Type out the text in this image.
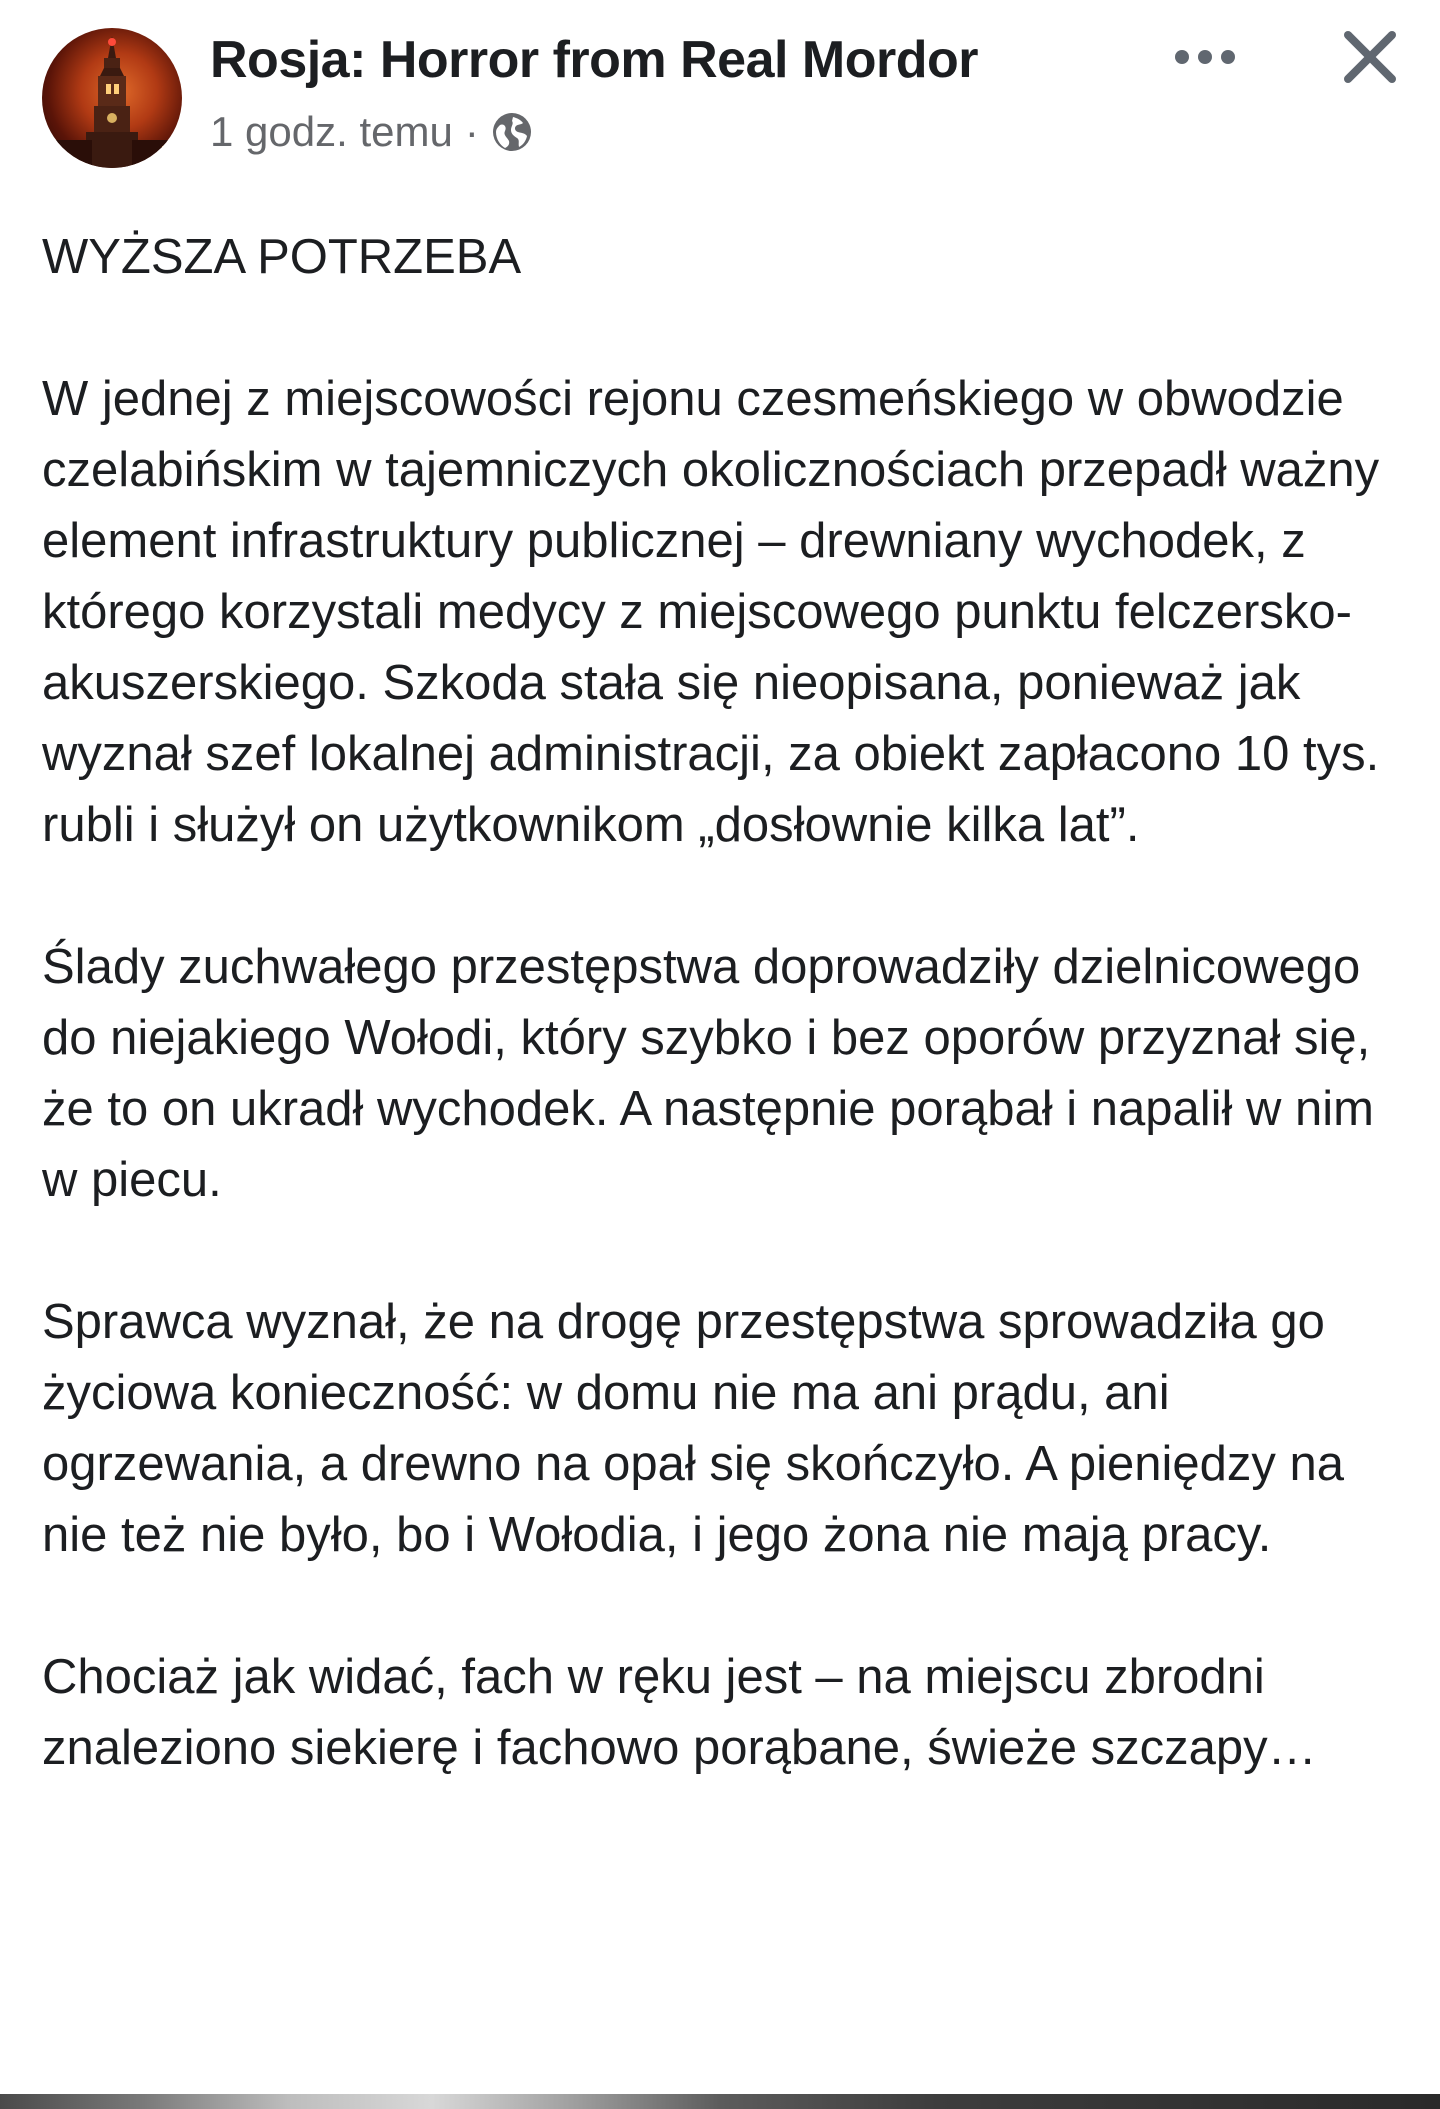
Rosja: Horror from Real Mordor
1 godz. temu ·

WYŻSZA POTRZEBA

W jednej z miejscowości rejonu czesmeńskiego w obwodzie czelabińskim w tajemniczych okolicznościach przepadł ważny element infrastruktury publicznej – drewniany wychodek, z którego korzystali medycy z miejscowego punktu felczersko-akuszerskiego. Szkoda stała się nieopisana, ponieważ jak wyznał szef lokalnej administracji, za obiekt zapłacono 10 tys. rubli i służył on użytkownikom „dosłownie kilka lat”.

Ślady zuchwałego przestępstwa doprowadziły dzielnicowego do niejakiego Wołodi, który szybko i bez oporów przyznał się, że to on ukradł wychodek. A następnie porąbał i napalił w nim w piecu.

Sprawca wyznał, że na drogę przestępstwa sprowadziła go życiowa konieczność: w domu nie ma ani prądu, ani ogrzewania, a drewno na opał się skończyło. A pieniędzy na nie też nie było, bo i Wołodia, i jego żona nie mają pracy.

Chociaż jak widać, fach w ręku jest – na miejscu zbrodni znaleziono siekierę i fachowo porąbane, świeże szczapy…
